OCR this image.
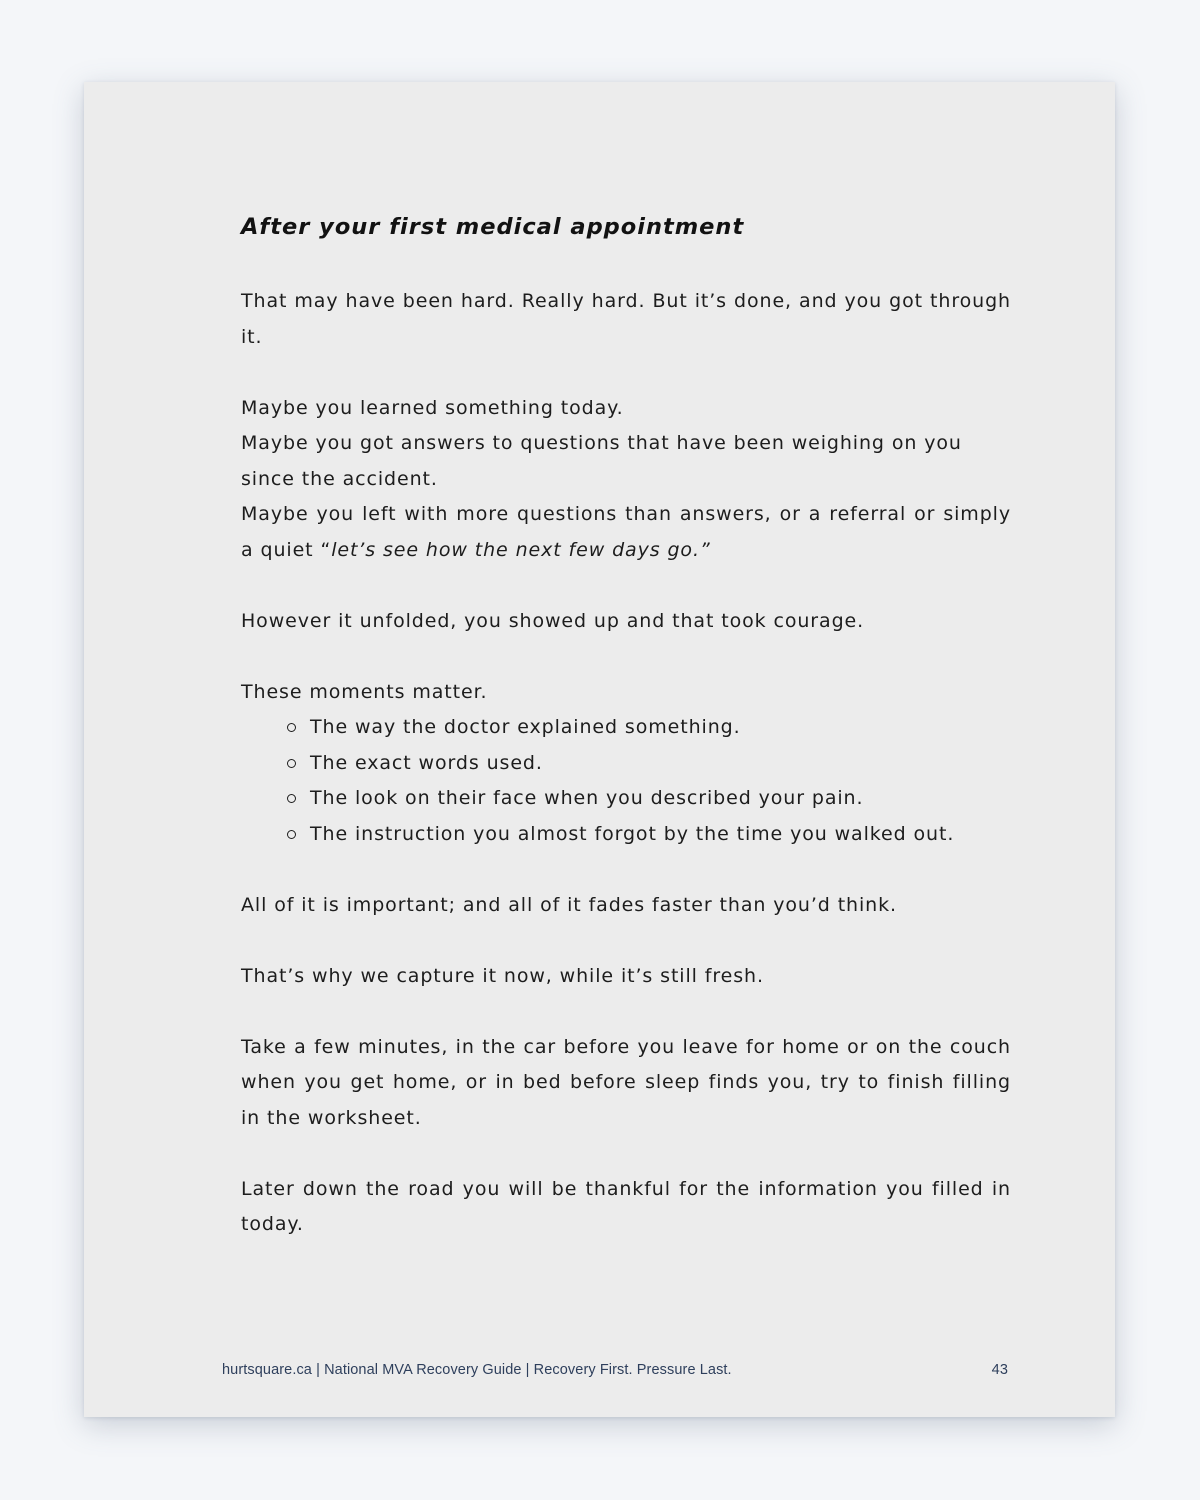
After your first medical appointment
That may have been hard. Really hard. But it’s done, and you got through it.
Maybe you learned something today.
Maybe you got answers to questions that have been weighing on you since the accident.
Maybe you left with more questions than answers, or a referral or simply a quiet “let’s see how the next few days go.”
However it unfolded, you showed up and that took courage.
These moments matter.
The way the doctor explained something.
The exact words used.
The look on their face when you described your pain.
The instruction you almost forgot by the time you walked out.
All of it is important; and all of it fades faster than you’d think.
That’s why we capture it now, while it’s still fresh.
Take a few minutes, in the car before you leave for home or on the couch when you get home, or in bed before sleep finds you, try to finish filling in the worksheet.
Later down the road you will be thankful for the information you filled in today.
hurtsquare.ca | National MVA Recovery Guide | Recovery First. Pressure Last.	43
